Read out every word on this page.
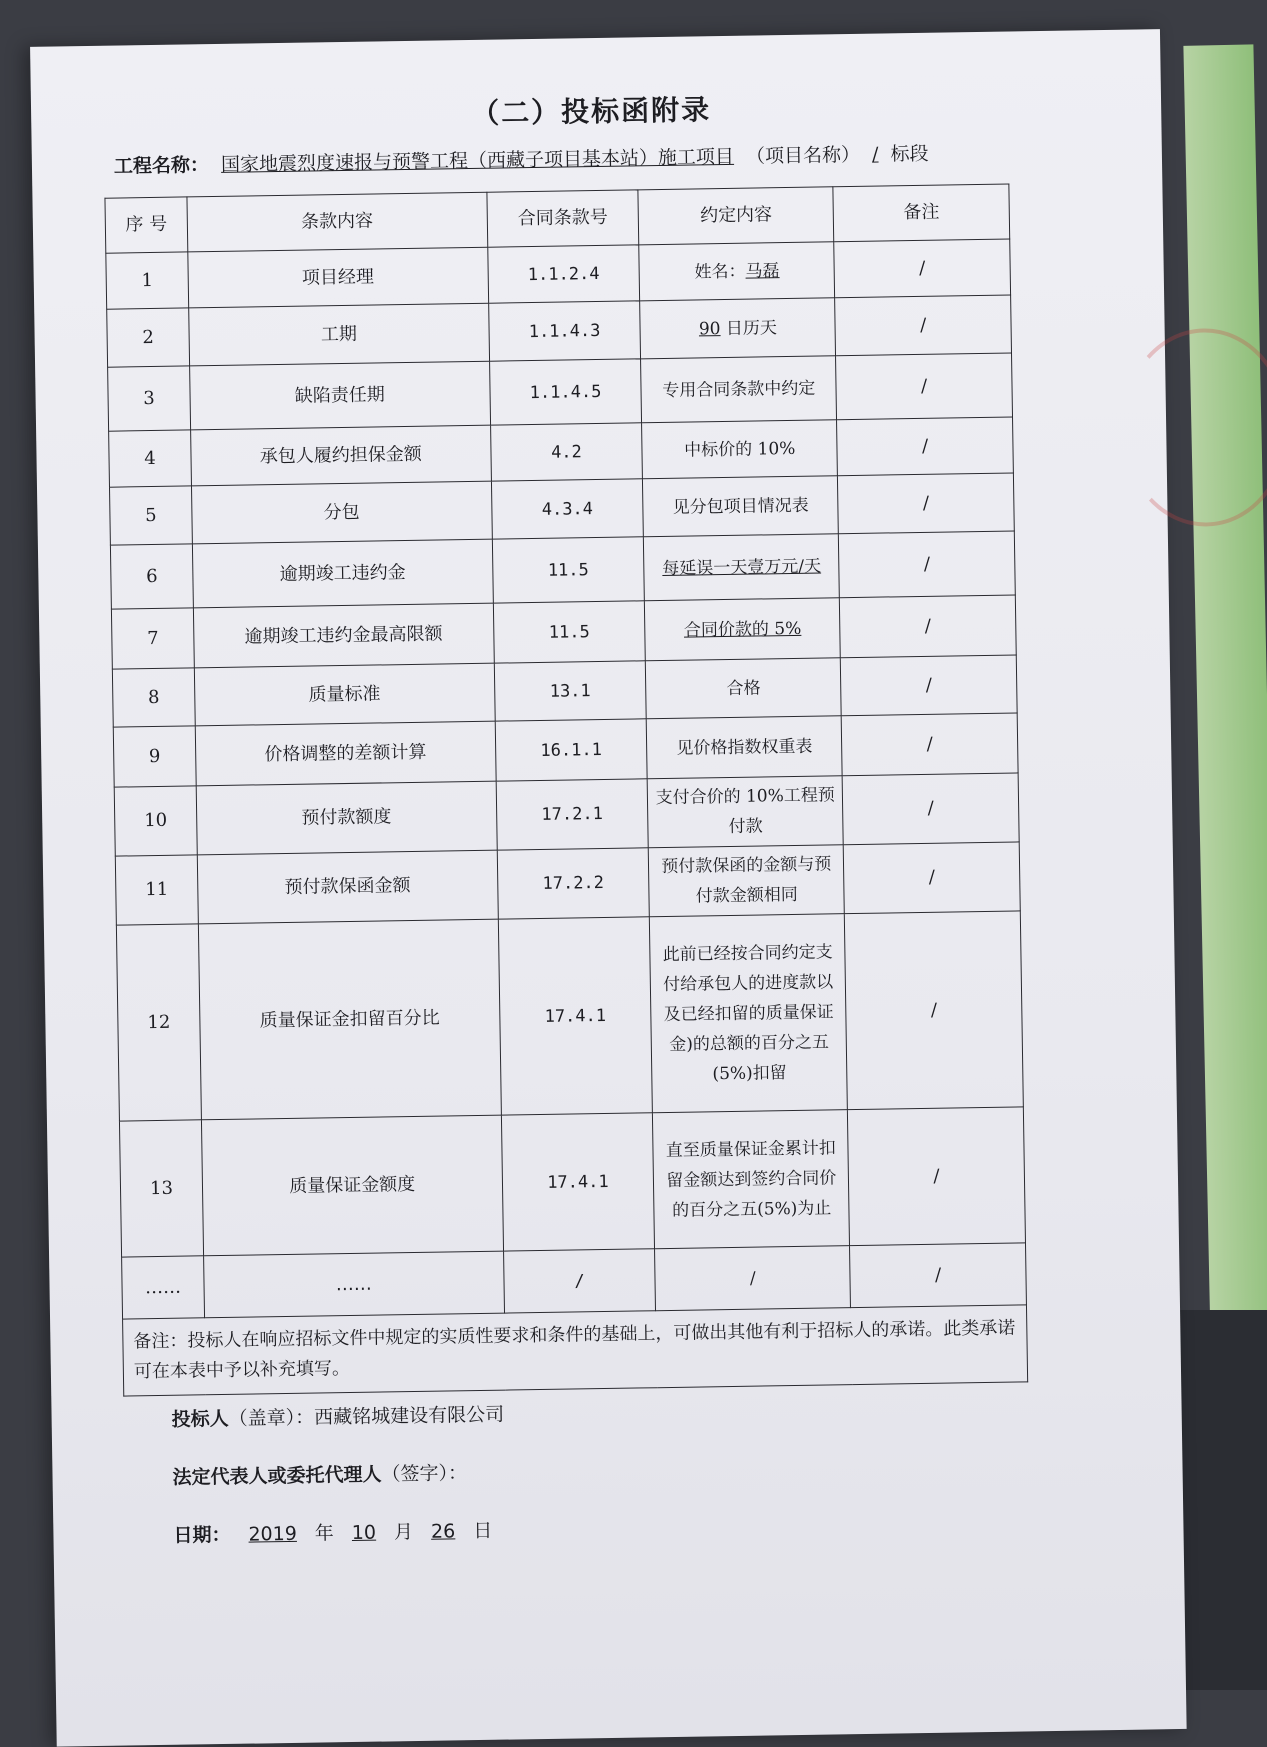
（二）投标函附录
工程名称： 国家地震烈度速报与预警工程（西藏子项目基本站）施工项目 （项目名称） / 标段
序 号	条款内容	合同条款号	约定内容	备注
1	项目经理	1.1.2.4	姓名：马磊	/
2	工期	1.1.4.3	90 日历天	/
3	缺陷责任期	1.1.4.5	专用合同条款中约定	/
4	承包人履约担保金额	4.2	中标价的 10%	/
5	分包	4.3.4	见分包项目情况表	/
6	逾期竣工违约金	11.5	每延误一天壹万元/天	/
7	逾期竣工违约金最高限额	11.5	合同价款的 5%	/
8	质量标准	13.1	合格	/
9	价格调整的差额计算	16.1.1	见价格指数权重表	/
10	预付款额度	17.2.1	支付合价的 10%工程预付款	/
11	预付款保函金额	17.2.2	预付款保函的金额与预付款金额相同	/
12	质量保证金扣留百分比	17.4.1	此前已经按合同约定支付给承包人的进度款以及已经扣留的质量保证金)的总额的百分之五(5%)扣留	/
13	质量保证金额度	17.4.1	直至质量保证金累计扣留金额达到签约合同价的百分之五(5%)为止	/
……	……	/	/	/
备注：投标人在响应招标文件中规定的实质性要求和条件的基础上，可做出其他有利于招标人的承诺。此类承诺可在本表中予以补充填写。				
投标人（盖章）：西藏铭城建设有限公司
法定代表人或委托代理人（签字）：
日期： 2019 年 10 月 26 日
